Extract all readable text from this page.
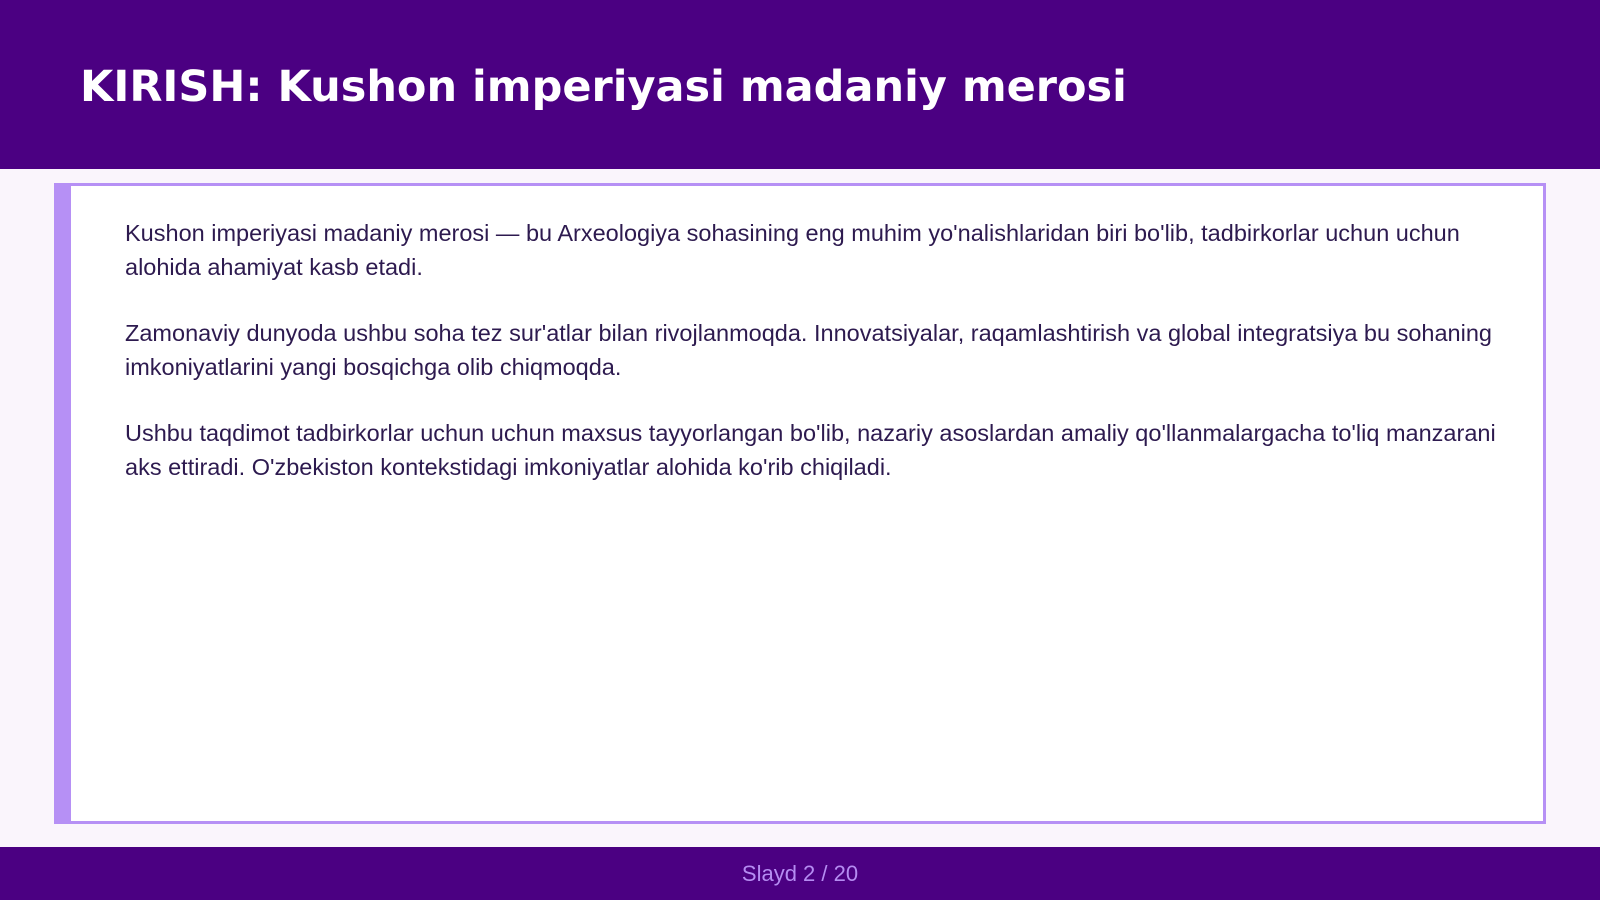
KIRISH: Kushon imperiyasi madaniy merosi

Kushon imperiyasi madaniy merosi — bu Arxeologiya sohasining eng muhim yo'nalishlaridan biri bo'lib, tadbirkorlar uchun uchun alohida ahamiyat kasb etadi.

Zamonaviy dunyoda ushbu soha tez sur'atlar bilan rivojlanmoqda. Innovatsiyalar, raqamlashtirish va global integratsiya bu sohaning imkoniyatlarini yangi bosqichga olib chiqmoqda.

Ushbu taqdimot tadbirkorlar uchun uchun maxsus tayyorlangan bo'lib, nazariy asoslardan amaliy qo'llanmalargacha to'liq manzarani aks ettiradi. O'zbekiston kontekstidagi imkoniyatlar alohida ko'rib chiqiladi.

Slayd 2 / 20
